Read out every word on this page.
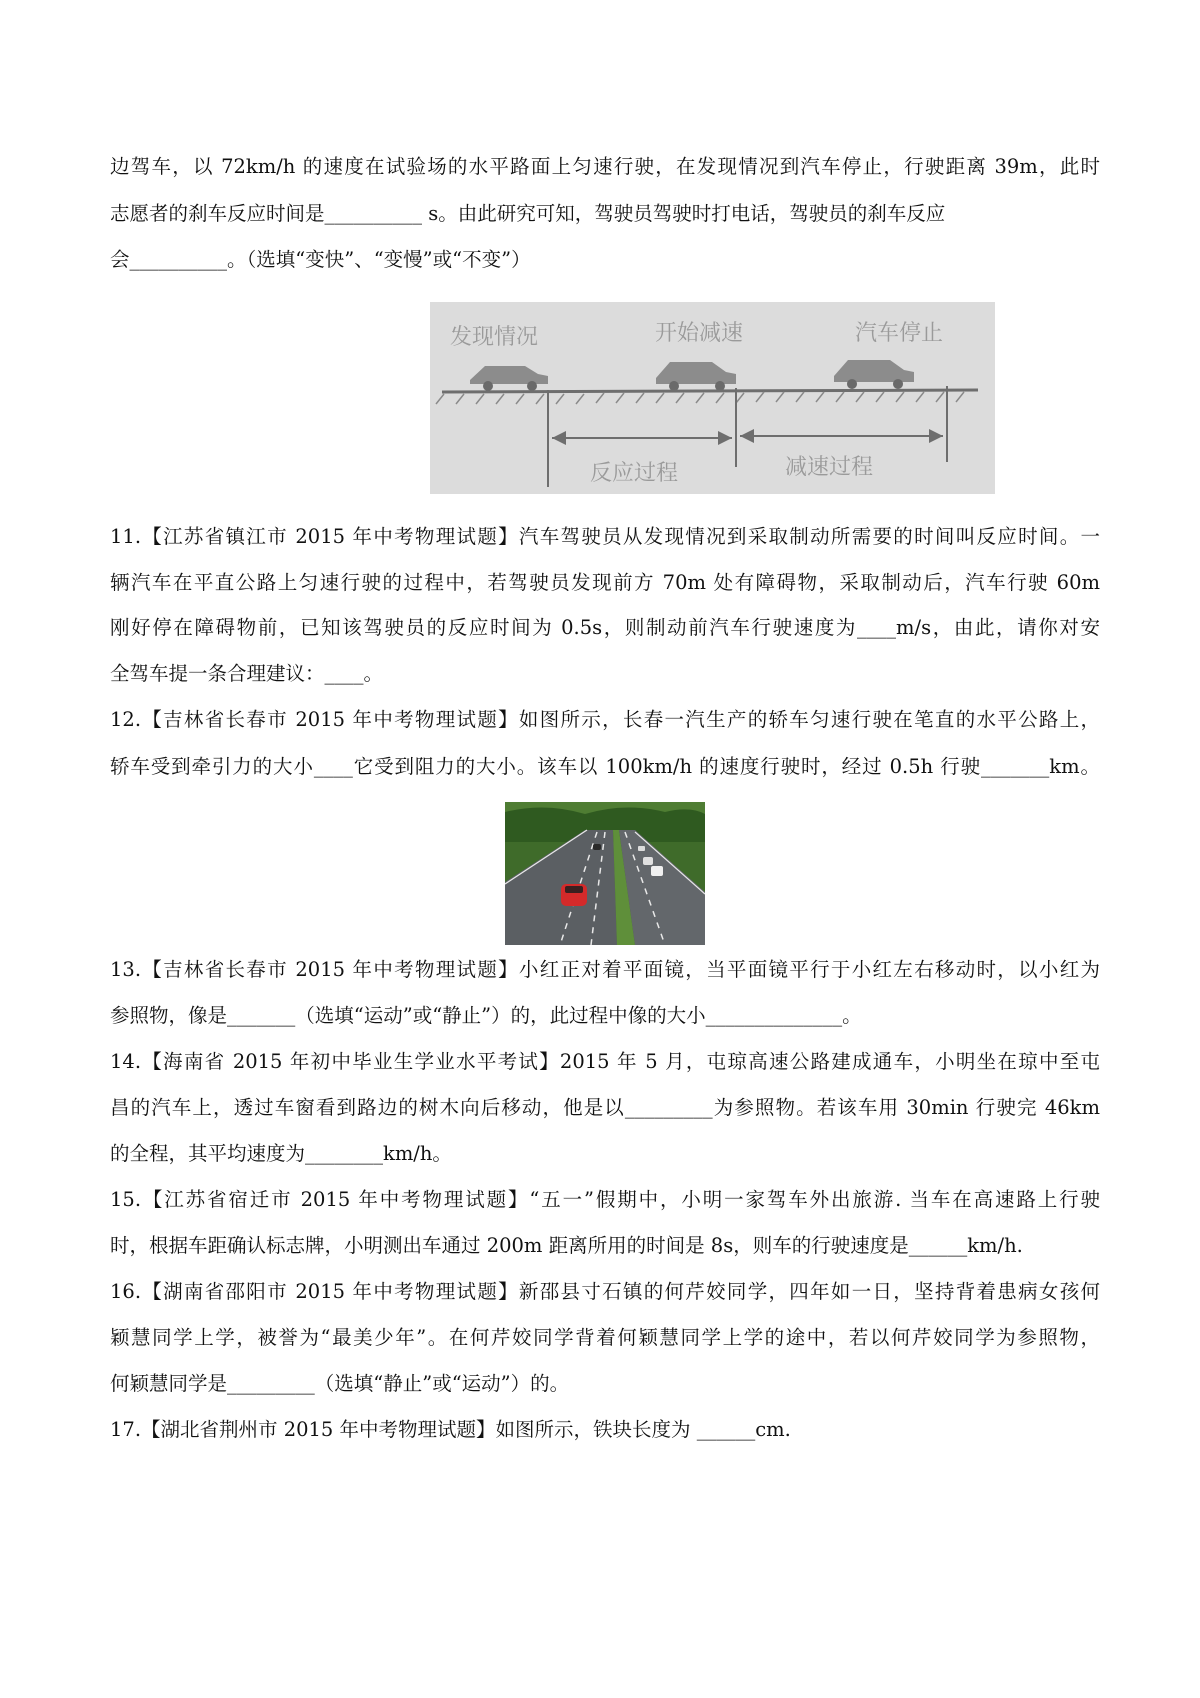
边驾车，以 72km/h 的速度在试验场的水平路面上匀速行驶，在发现情况到汽车停止，行驶距离 39m，此时
志愿者的刹车反应时间是__________ s。由此研究可知，驾驶员驾驶时打电话，驾驶员的刹车反应
会__________。（选填“变快”、“变慢”或“不变”）
发现情况	开始减速	汽车停止
反应过程	减速过程
11.【江苏省镇江市 2015 年中考物理试题】汽车驾驶员从发现情况到采取制动所需要的时间叫反应时间。一
辆汽车在平直公路上匀速行驶的过程中，若驾驶员发现前方 70m 处有障碍物，采取制动后，汽车行驶 60m
刚好停在障碍物前，已知该驾驶员的反应时间为 0.5s，则制动前汽车行驶速度为____m/s，由此，请你对安
全驾车提一条合理建议：____。
12.【吉林省长春市 2015 年中考物理试题】如图所示，长春一汽生产的轿车匀速行驶在笔直的水平公路上，
轿车受到牵引力的大小____它受到阻力的大小。该车以 100km/h 的速度行驶时，经过 0.5h 行驶_______km。
13.【吉林省长春市 2015 年中考物理试题】小红正对着平面镜，当平面镜平行于小红左右移动时，以小红为
参照物，像是_______（选填“运动”或“静止”）的，此过程中像的大小______________。
14.【海南省 2015 年初中毕业生学业水平考试】2015 年 5 月，屯琼高速公路建成通车，小明坐在琼中至屯
昌的汽车上，透过车窗看到路边的树木向后移动，他是以_________为参照物。若该车用 30min 行驶完 46km
的全程，其平均速度为________km/h。
15.【江苏省宿迁市 2015 年中考物理试题】“五一”假期中，小明一家驾车外出旅游. 当车在高速路上行驶
时，根据车距确认标志牌，小明测出车通过 200m 距离所用的时间是 8s，则车的行驶速度是______km/h.
16.【湖南省邵阳市 2015 年中考物理试题】新邵县寸石镇的何芹姣同学，四年如一日，坚持背着患病女孩何
颖慧同学上学，被誉为“最美少年”。在何芹姣同学背着何颖慧同学上学的途中，若以何芹姣同学为参照物，
何颖慧同学是_________（选填“静止”或“运动”）的。
17.【湖北省荆州市 2015 年中考物理试题】如图所示，铁块长度为 ______cm.
